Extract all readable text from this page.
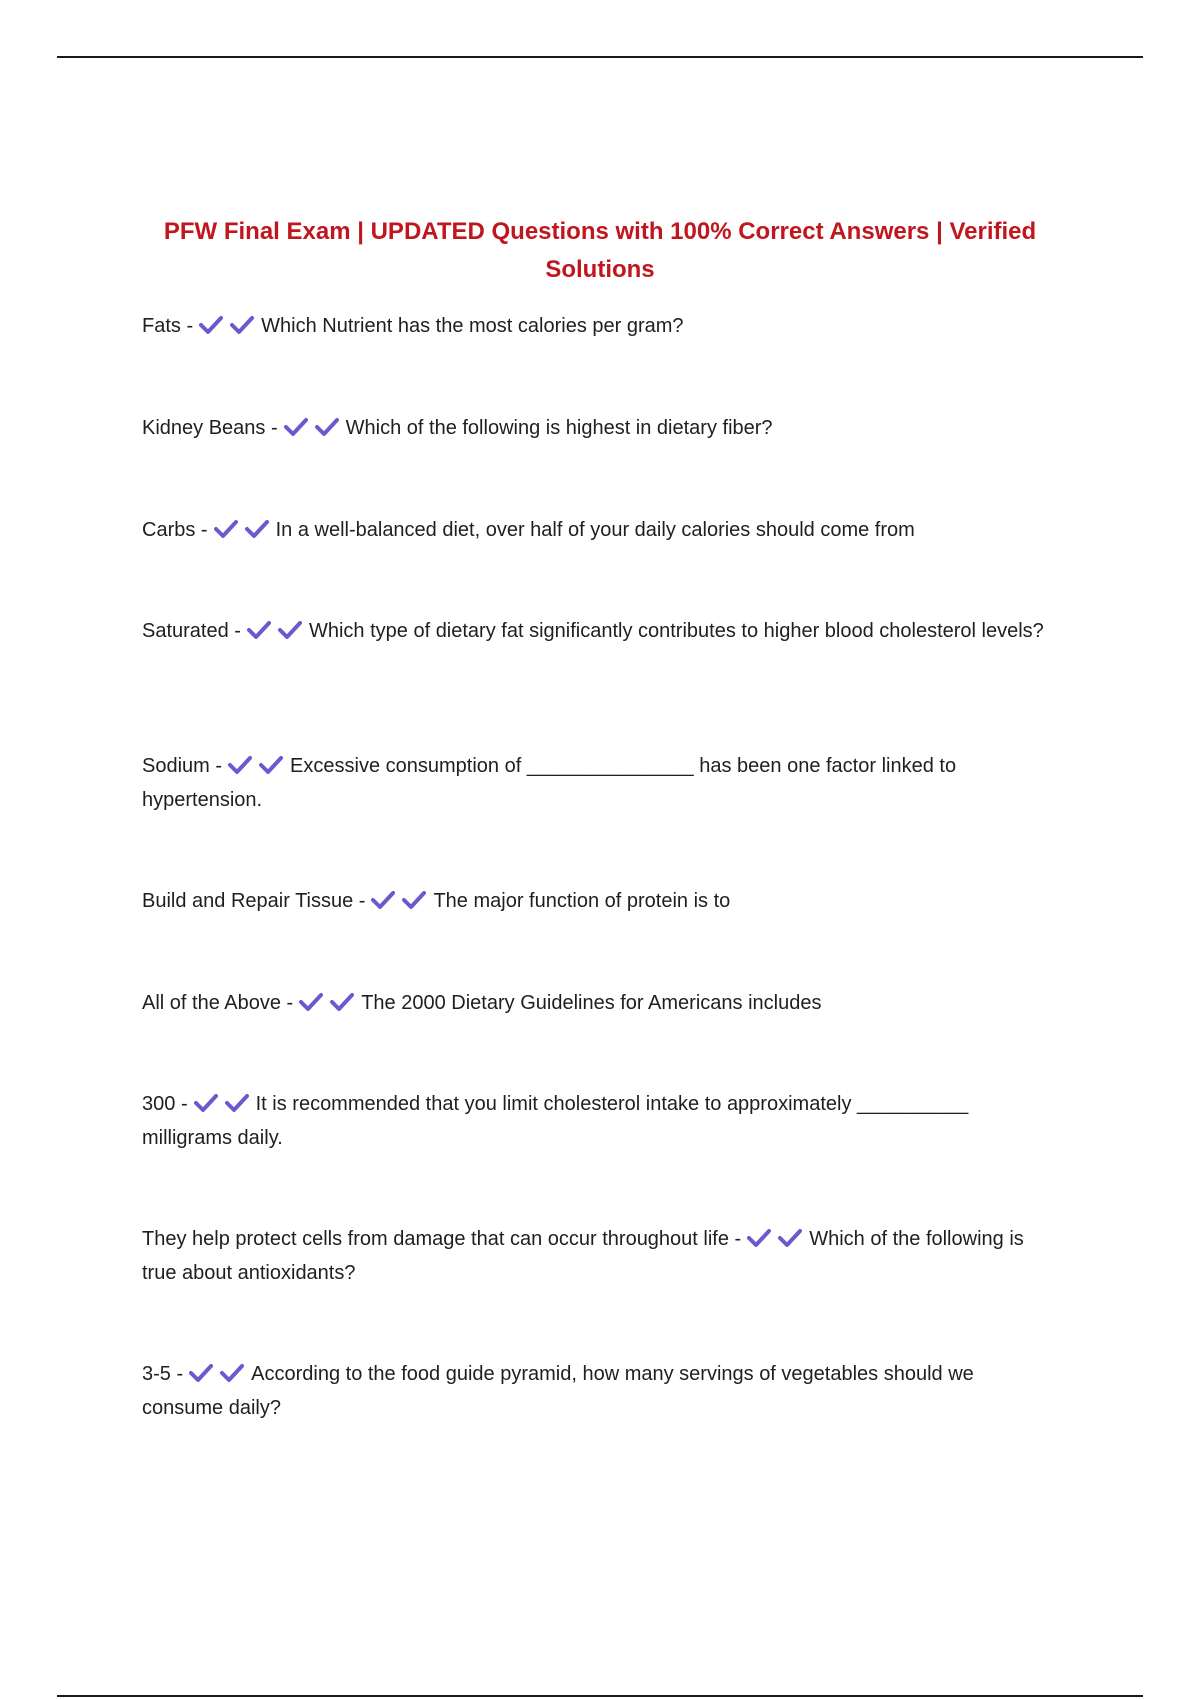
PFW Final Exam | UPDATED Questions with 100% Correct Answers | Verified Solutions
Fats -	Which Nutrient has the most calories per gram?
Kidney Beans -	Which of the following is highest in dietary fiber?
Carbs -	In a well-balanced diet, over half of your daily calories should come from
Saturated -	Which type of dietary fat significantly contributes to higher blood cholesterol levels?
Sodium -	Excessive consumption of _______________ has been one factor linked to hypertension.
Build and Repair Tissue -	The major function of protein is to
All of the Above -	The 2000 Dietary Guidelines for Americans includes
300 -	It is recommended that you limit cholesterol intake to approximately __________ milligrams daily.
They help protect cells from damage that can occur throughout life -	Which of the following is true about antioxidants?
3-5 -	According to the food guide pyramid, how many servings of vegetables should we consume daily?
